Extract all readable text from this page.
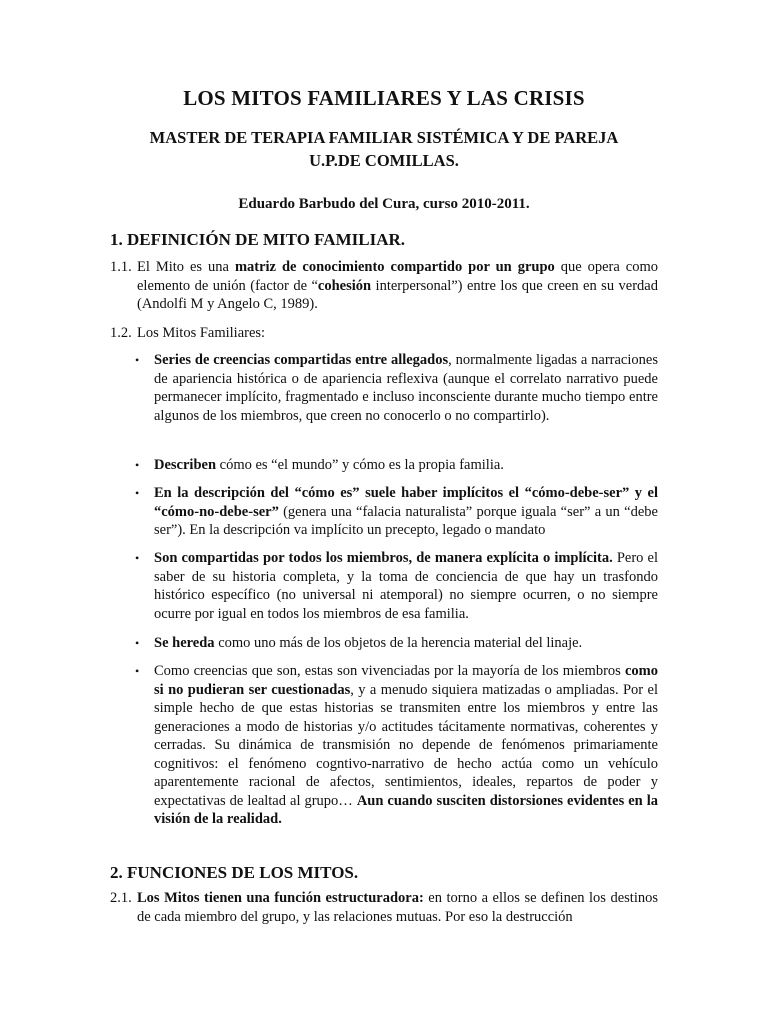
LOS MITOS FAMILIARES Y LAS CRISIS
MASTER DE TERAPIA FAMILIAR SISTÉMICA Y DE PAREJA
U.P.DE COMILLAS.
Eduardo Barbudo del Cura, curso 2010-2011.
1. DEFINICIÓN DE MITO FAMILIAR.
1.1. El Mito es una matriz de conocimiento compartido por un grupo que opera como elemento de unión (factor de “cohesión interpersonal”) entre los que creen en su verdad (Andolfi M y Angelo C, 1989).
1.2. Los Mitos Familiares:
•	Series de creencias compartidas entre allegados, normalmente ligadas a narraciones de apariencia histórica o de apariencia reflexiva (aunque el correlato narrativo puede permanecer implícito, fragmentado e incluso inconsciente durante mucho tiempo entre algunos de los miembros, que creen no conocerlo o no compartirlo).
•	Describen cómo es “el mundo” y cómo es la propia familia.
•	En la descripción del “cómo es” suele haber implícitos el “cómo-debe-ser” y el “cómo-no-debe-ser” (genera una “falacia naturalista” porque iguala “ser” a un “debe ser”). En la descripción va implícito un precepto, legado o mandato
•	Son compartidas por todos los miembros, de manera explícita o implícita. Pero el saber de su historia completa, y la toma de conciencia de que hay un trasfondo histórico específico (no universal ni atemporal) no siempre ocurren, o no siempre ocurre por igual en todos los miembros de esa familia.
•	Se hereda como uno más de los objetos de la herencia material del linaje.
•	Como creencias que son, estas son vivenciadas por la mayoría de los miembros como si no pudieran ser cuestionadas, y a menudo siquiera matizadas o ampliadas. Por el simple hecho de que estas historias se transmiten entre los miembros y entre las generaciones a modo de historias y/o actitudes tácitamente normativas, coherentes y cerradas. Su dinámica de transmisión no depende de fenómenos primariamente cognitivos: el fenómeno cogntivo-narrativo de hecho actúa como un vehículo aparentemente racional de afectos, sentimientos, ideales, repartos de poder y expectativas de lealtad al grupo… Aun cuando susciten distorsiones evidentes en la visión de la realidad.
2. FUNCIONES DE LOS MITOS.
2.1. Los Mitos tienen una función estructuradora: en torno a ellos se definen los destinos de cada miembro del grupo, y las relaciones mutuas. Por eso la destrucción
